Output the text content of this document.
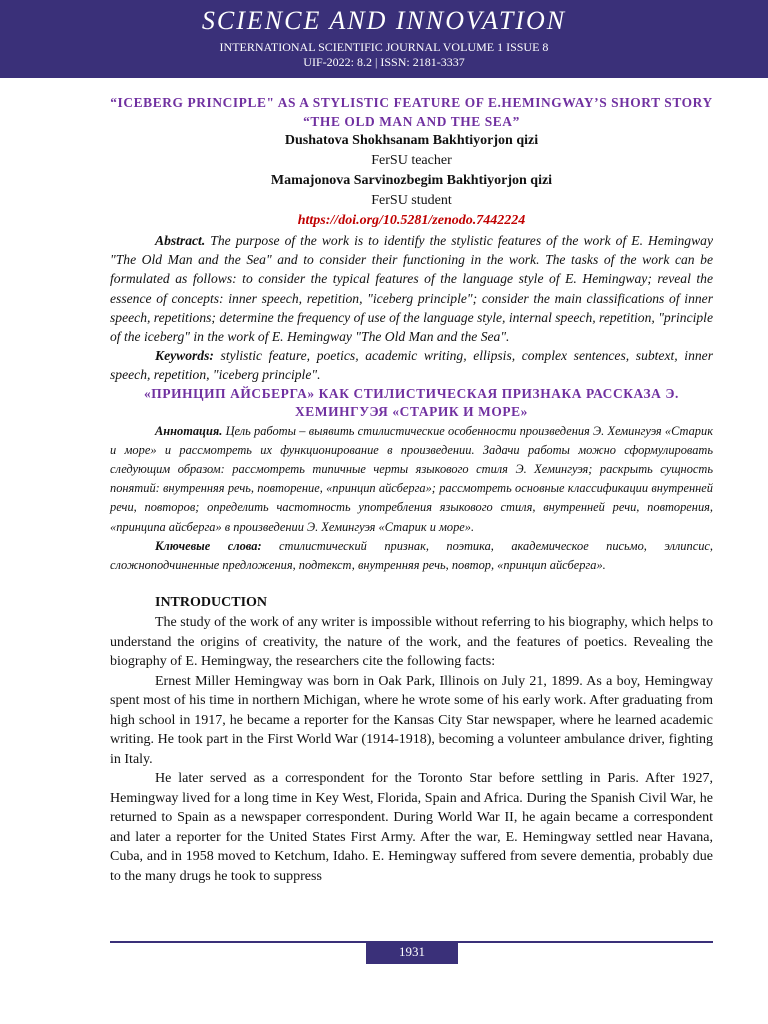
SCIENCE AND INNOVATION
INTERNATIONAL SCIENTIFIC JOURNAL VOLUME 1 ISSUE 8
UIF-2022: 8.2 | ISSN: 2181-3337

“ICEBERG PRINCIPLE" AS A STYLISTIC FEATURE OF E.HEMINGWAY’S SHORT STORY “THE OLD MAN AND THE SEA”

Dushatova Shokhsanam Bakhtiyorjon qizi

FerSU teacher

Mamajonova Sarvinozbegim Bakhtiyorjon qizi

FerSU student

https://doi.org/10.5281/zenodo.7442224

Abstract. The purpose of the work is to identify the stylistic features of the work of E. Hemingway "The Old Man and the Sea" and to consider their functioning in the work. The tasks of the work can be formulated as follows: to consider the typical features of the language style of E. Hemingway; reveal the essence of concepts: inner speech, repetition, "iceberg principle"; consider the main classifications of inner speech, repetitions; determine the frequency of use of the language style, internal speech, repetition, "principle of the iceberg" in the work of E. Hemingway "The Old Man and the Sea".

Keywords: stylistic feature, poetics, academic writing, ellipsis, complex sentences, subtext, inner speech, repetition, "iceberg principle".

«ПРИНЦИП АЙСБЕРГА» КАК СТИЛИСТИЧЕСКАЯ ПРИЗНАКА РАССКАЗА Э. ХЕМИНГУЭЯ «СТАРИК И МОРЕ»

Аннотация. Цель работы – выявить стилистические особенности произведения Э. Хемингуэя «Старик и море» и рассмотреть их функционирование в произведении. Задачи работы можно сформулировать следующим образом: рассмотреть типичные черты языкового стиля Э. Хемингуэя; раскрыть сущность понятий: внутренняя речь, повторение, «принцип айсберга»; рассмотреть основные классификации внутренней речи, повторов; определить частотность употребления языкового стиля, внутренней речи, повторения, «принципа айсберга» в произведении Э. Хемингуэя «Старик и море».

Ключевые слова: стилистический признак, поэтика, академическое письмо, эллипсис, сложноподчиненные предложения, подтекст, внутренняя речь, повтор, «принцип айсберга».

INTRODUCTION

The study of the work of any writer is impossible without referring to his biography, which helps to understand the origins of creativity, the nature of the work, and the features of poetics. Revealing the biography of E. Hemingway, the researchers cite the following facts:

Ernest Miller Hemingway was born in Oak Park, Illinois on July 21, 1899. As a boy, Hemingway spent most of his time in northern Michigan, where he wrote some of his early work. After graduating from high school in 1917, he became a reporter for the Kansas City Star newspaper, where he learned academic writing. He took part in the First World War (1914-1918), becoming a volunteer ambulance driver, fighting in Italy.

He later served as a correspondent for the Toronto Star before settling in Paris. After 1927, Hemingway lived for a long time in Key West, Florida, Spain and Africa. During the Spanish Civil War, he returned to Spain as a newspaper correspondent. During World War II, he again became a correspondent and later a reporter for the United States First Army. After the war, E. Hemingway settled near Havana, Cuba, and in 1958 moved to Ketchum, Idaho. E. Hemingway suffered from severe dementia, probably due to the many drugs he took to suppress

1931
